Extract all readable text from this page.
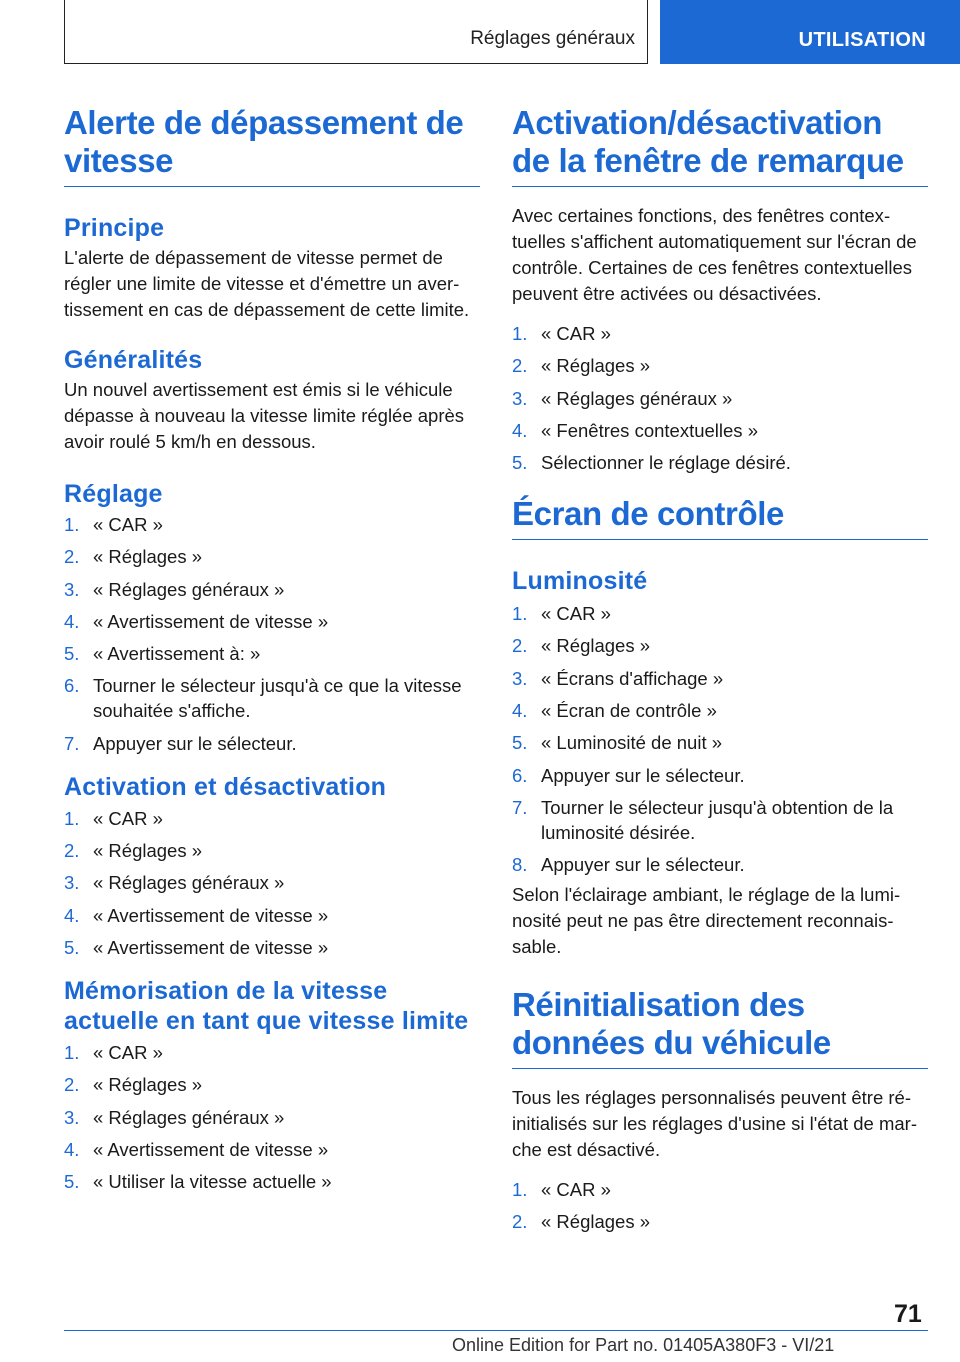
Réglages généraux	UTILISATION
Alerte de dépassement de vitesse
Principe

L'alerte de dépassement de vitesse permet de régler une limite de vitesse et d'émettre un avertissement en cas de dépassement de cette limite.

Généralités

Un nouvel avertissement est émis si le véhicule dépasse à nouveau la vitesse limite réglée après avoir roulé 5 km/h en dessous.

Réglage
1. « CAR »
2. « Réglages »
3. « Réglages généraux »
4. « Avertissement de vitesse »
5. « Avertissement à: »
6. Tourner le sélecteur jusqu'à ce que la vitesse souhaitée s'affiche.
7. Appuyer sur le sélecteur.
Activation et désactivation
1. « CAR »
2. « Réglages »
3. « Réglages généraux »
4. « Avertissement de vitesse »
5. « Avertissement de vitesse »
Mémorisation de la vitesse actuelle en tant que vitesse limite
1. « CAR »
2. « Réglages »
3. « Réglages généraux »
4. « Avertissement de vitesse »
5. « Utiliser la vitesse actuelle »
Activation/désactivation de la fenêtre de remarque

Avec certaines fonctions, des fenêtres contextuelles s'affichent automatiquement sur l'écran de contrôle. Certaines de ces fenêtres contextuelles peuvent être activées ou désactivées.

1. « CAR »
2. « Réglages »
3. « Réglages généraux »
4. « Fenêtres contextuelles »
5. Sélectionner le réglage désiré.
Écran de contrôle
Luminosité
1. « CAR »
2. « Réglages »
3. « Écrans d'affichage »
4. « Écran de contrôle »
5. « Luminosité de nuit »
6. Appuyer sur le sélecteur.
7. Tourner le sélecteur jusqu'à obtention de la luminosité désirée.
8. Appuyer sur le sélecteur.

Selon l'éclairage ambiant, le réglage de la luminosité peut ne pas être directement reconnaissable.

Réinitialisation des données du véhicule

Tous les réglages personnalisés peuvent être réinitialisés sur les réglages d'usine si l'état de marche est désactivé.

1. « CAR »
2. « Réglages »
71
Online Edition for Part no. 01405A380F3 - VI/21
